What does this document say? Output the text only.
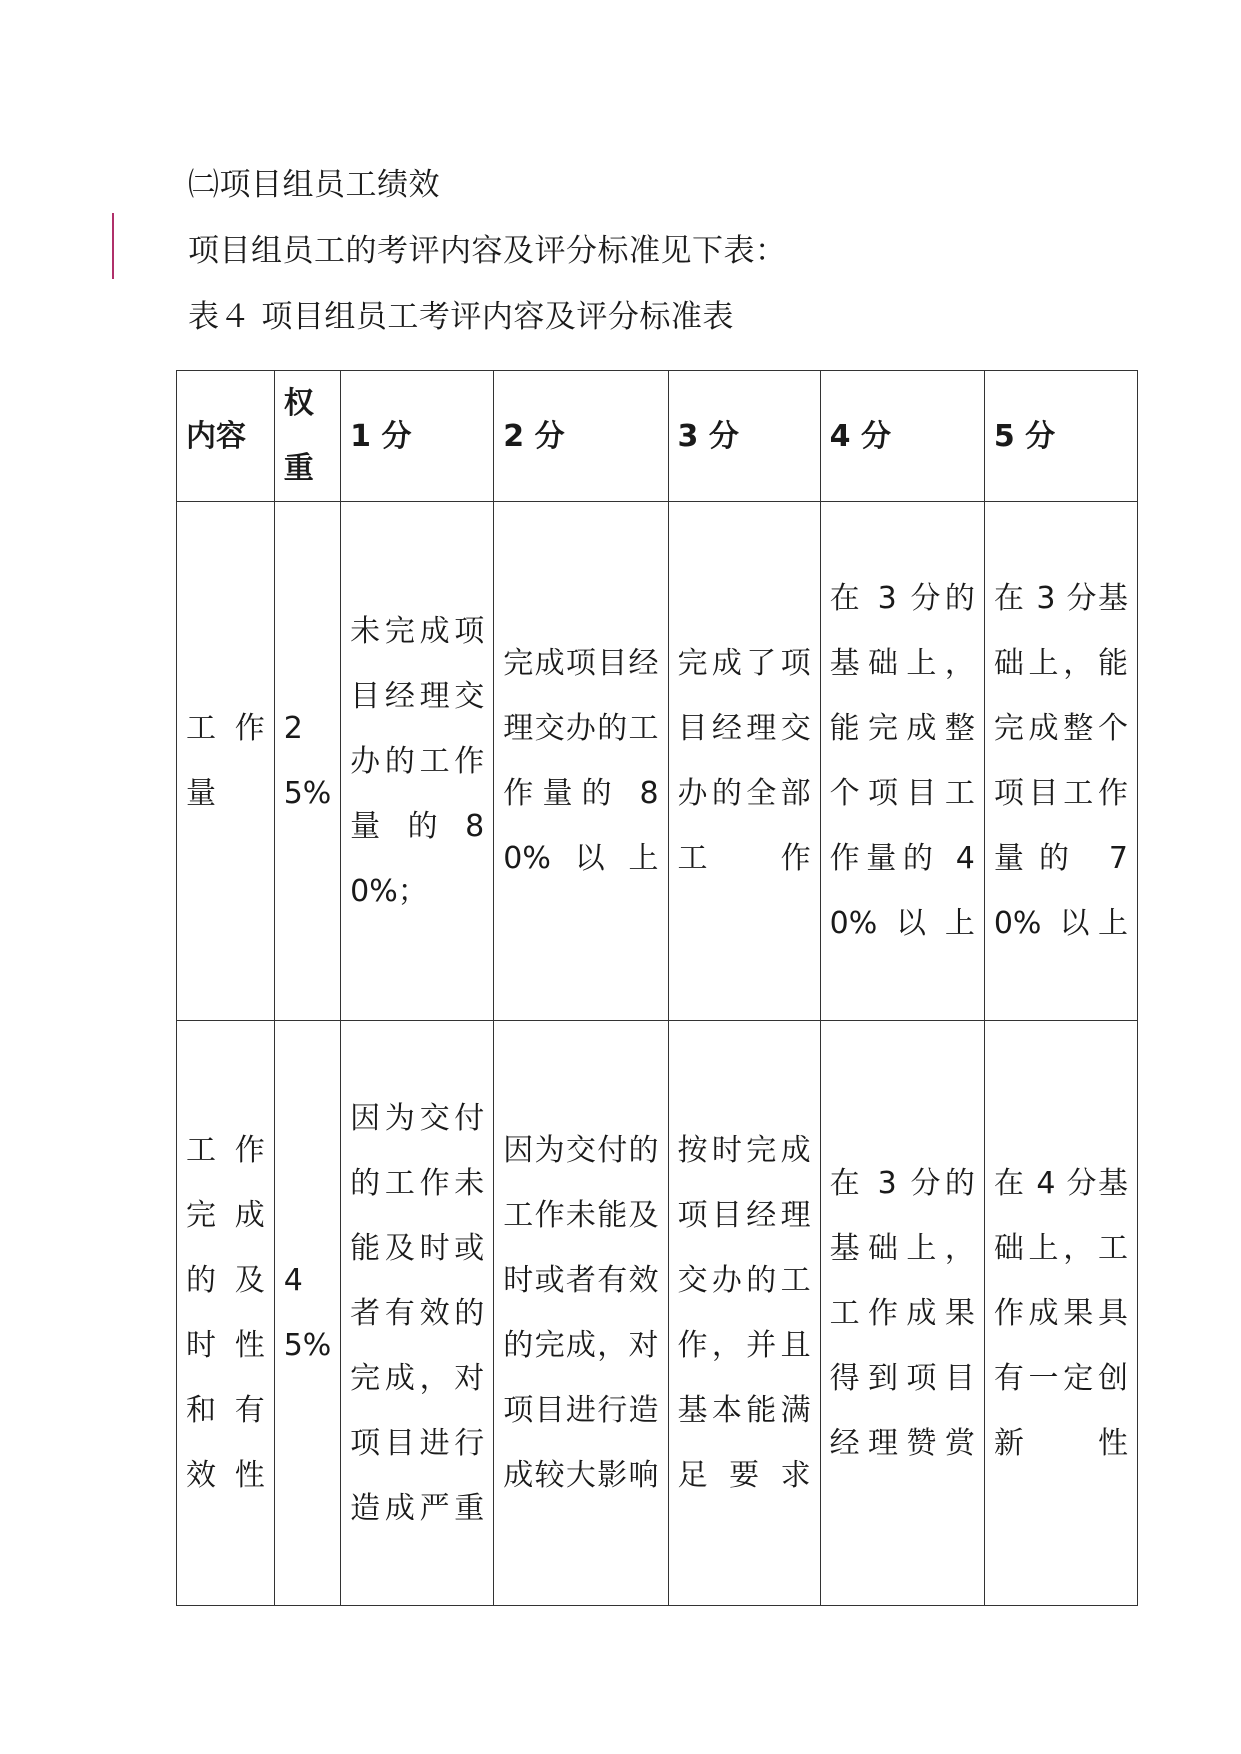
㈡项目组员工绩效
项目组员工的考评内容及评分标准见下表：
表４ 项目组员工考评内容及评分标准表
内容	权重	1 分	2 分	3 分	4 分	5 分
工作量	25%	未完成项目经理交办的工作量的80%；	完成项目经理交办的工作量的 80%以上	完成了项目经理交办的全部工作	在 3 分的基础上，能完成整个项目工作量的 40%以上	在 3 分基础上，能完成整个项目工作量的 70% 以上
工作完成的及时性和有效性	45%	因为交付的工作未能及时或者有效的完成，对项目进行造成严重	因为交付的工作未能及时或者有效的完成，对项目进行造成较大影响	按时完成项目经理交办的工作，并且基本能满足要求	在 3 分的基础上，工作成果得到项目经理赞赏	在 4 分基础上，工作成果具有一定创新性
